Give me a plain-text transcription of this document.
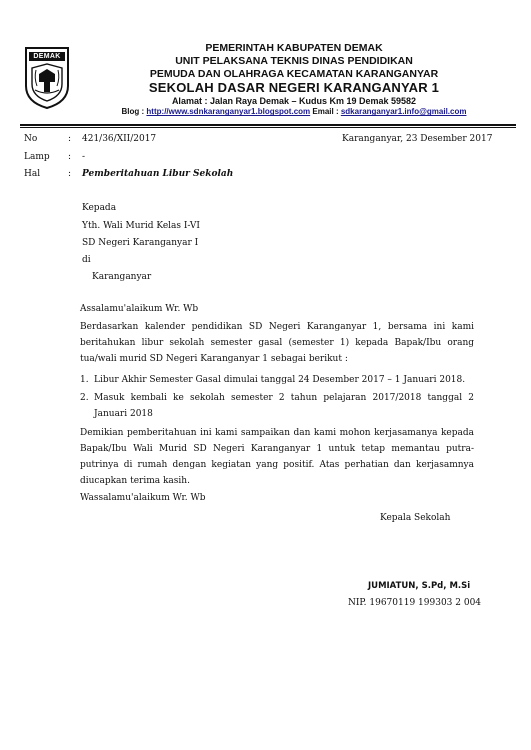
DEMAK
PEMERINTAH KABUPATEN DEMAK
UNIT PELAKSANA TEKNIS DINAS PENDIDIKAN
PEMUDA DAN OLAHRAGA KECAMATAN KARANGANYAR
SEKOLAH DASAR NEGERI KARANGANYAR 1
Alamat : Jalan Raya Demak – Kudus Km 19 Demak 59582
Blog : http://www.sdnkaranganyar1.blogspot.com Email : sdkaranganyar1.info@gmail.com
No	: 421/36/XII/2017	Karanganyar, 23 Desember 2017
Lamp : -
Hal	: Pemberitahuan Libur Sekolah
Kepada
Yth. Wali Murid Kelas I-VI
SD Negeri Karanganyar I
di
Karanganyar
Assalamu'alaikum Wr. Wb
Berdasarkan kalender pendidikan SD Negeri Karanganyar 1, bersama ini kami beritahukan libur sekolah semester gasal (semester 1) kepada Bapak/Ibu orang tua/wali murid SD Negeri Karanganyar 1 sebagai berikut :
1. Libur Akhir Semester Gasal dimulai tanggal 24 Desember 2017 – 1 Januari 2018.
2. Masuk kembali ke sekolah semester 2 tahun pelajaran 2017/2018 tanggal 2 Januari 2018
Demikian pemberitahuan ini kami sampaikan dan kami mohon kerjasamanya kepada Bapak/Ibu Wali Murid SD Negeri Karanganyar 1 untuk tetap memantau putra-putrinya di rumah dengan kegiatan yang positif. Atas perhatian dan kerjasamnya diucapkan terima kasih.
Wassalamu'alaikum Wr. Wb
Kepala Sekolah
JUMIATUN, S.Pd, M.Si
NIP. 19670119 199303 2 004
